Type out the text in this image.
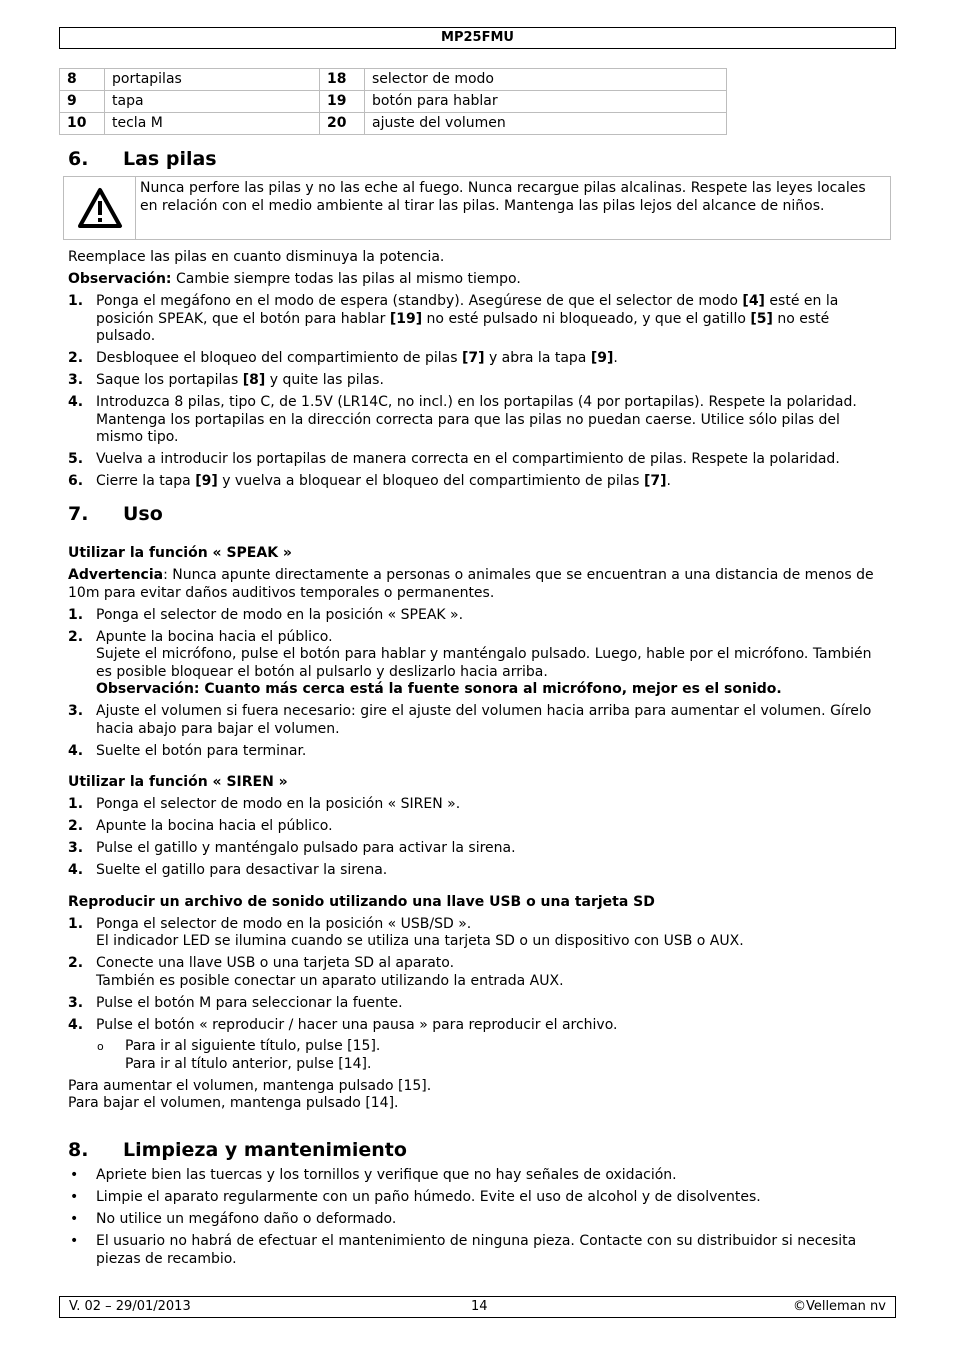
MP25FMU
8	portapilas	18	selector de modo
9	tapa	19	botón para hablar
10	tecla M	20	ajuste del volumen
6. Las pilas
Nunca perfore las pilas y no las eche al fuego. Nunca recargue pilas alcalinas. Respete las leyes locales en relación con el medio ambiente al tirar las pilas. Mantenga las pilas lejos del alcance de niños.
Reemplace las pilas en cuanto disminuya la potencia.
Observación: Cambie siempre todas las pilas al mismo tiempo.
1. Ponga el megáfono en el modo de espera (standby). Asegúrese de que el selector de modo [4] esté en la posición SPEAK, que el botón para hablar [19] no esté pulsado ni bloqueado, y que el gatillo [5] no esté pulsado.
2. Desbloquee el bloqueo del compartimiento de pilas [7] y abra la tapa [9].
3. Saque los portapilas [8] y quite las pilas.
4. Introduzca 8 pilas, tipo C, de 1.5V (LR14C, no incl.) en los portapilas (4 por portapilas). Respete la polaridad. Mantenga los portapilas en la dirección correcta para que las pilas no puedan caerse. Utilice sólo pilas del mismo tipo.
5. Vuelva a introducir los portapilas de manera correcta en el compartimiento de pilas. Respete la polaridad.
6. Cierre la tapa [9] y vuelva a bloquear el bloqueo del compartimiento de pilas [7].
7. Uso
Utilizar la función « SPEAK »
Advertencia: Nunca apunte directamente a personas o animales que se encuentran a una distancia de menos de 10m para evitar daños auditivos temporales o permanentes.
1. Ponga el selector de modo en la posición « SPEAK ».
2. Apunte la bocina hacia el público.
Sujete el micrófono, pulse el botón para hablar y manténgalo pulsado. Luego, hable por el micrófono. También es posible bloquear el botón al pulsarlo y deslizarlo hacia arriba.
Observación: Cuanto más cerca está la fuente sonora al micrófono, mejor es el sonido.
3. Ajuste el volumen si fuera necesario: gire el ajuste del volumen hacia arriba para aumentar el volumen. Gírelo hacia abajo para bajar el volumen.
4. Suelte el botón para terminar.
Utilizar la función « SIREN »
1. Ponga el selector de modo en la posición « SIREN ».
2. Apunte la bocina hacia el público.
3. Pulse el gatillo y manténgalo pulsado para activar la sirena.
4. Suelte el gatillo para desactivar la sirena.
Reproducir un archivo de sonido utilizando una llave USB o una tarjeta SD
1. Ponga el selector de modo en la posición « USB/SD ».
El indicador LED se ilumina cuando se utiliza una tarjeta SD o un dispositivo con USB o AUX.
2. Conecte una llave USB o una tarjeta SD al aparato.
También es posible conectar un aparato utilizando la entrada AUX.
3. Pulse el botón M para seleccionar la fuente.
4. Pulse el botón « reproducir / hacer una pausa » para reproducir el archivo.
o Para ir al siguiente título, pulse [15].
Para ir al título anterior, pulse [14].
Para aumentar el volumen, mantenga pulsado [15].
Para bajar el volumen, mantenga pulsado [14].
8. Limpieza y mantenimiento
• Apriete bien las tuercas y los tornillos y verifique que no hay señales de oxidación.
• Limpie el aparato regularmente con un paño húmedo. Evite el uso de alcohol y de disolventes.
• No utilice un megáfono daño o deformado.
• El usuario no habrá de efectuar el mantenimiento de ninguna pieza. Contacte con su distribuidor si necesita piezas de recambio.
V. 02 – 29/01/2013	14	©Velleman nv
